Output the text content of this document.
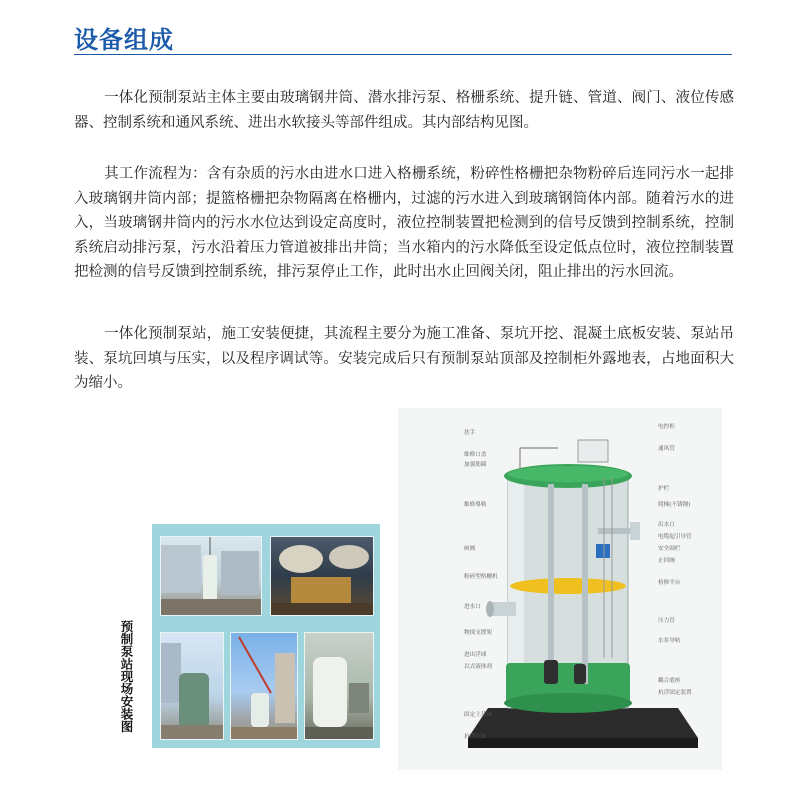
设备组成

一体化预制泵站主体主要由玻璃钢井筒、潜水排污泵、格栅系统、提升链、管道、阀门、液位传感器、控制系统和通风系统、进出水软接头等部件组成。其内部结构见图。

其工作流程为：含有杂质的污水由进水口进入格栅系统，粉碎性格栅把杂物粉碎后连同污水一起排入玻璃钢井筒内部；提篮格栅把杂物隔离在格栅内，过滤的污水进入到玻璃钢筒体内部。随着污水的进入，当玻璃钢井筒内的污水水位达到设定高度时，液位控制装置把检测到的信号反馈到控制系统，控制系统启动排污泵，污水沿着压力管道被排出井筒；当水箱内的污水降低至设定低点位时，液位控制装置把检测的信号反馈到控制系统，排污泵停止工作，此时出水止回阀关闭，阻止排出的污水回流。

一体化预制泵站，施工安装便捷，其流程主要分为施工准备、泵坑开挖、混凝土底板安装、泵站吊装、泵坑回填与压实，以及程序调试等。安装完成后只有预制泵站顶部及控制柜外露地表，占地面积大为缩小。

预制泵站现场安装图
扶手
维修口盖
加强筋圈
維修導軌
闸阀
粉碎型格栅机
进水口
物探支撑架
进出浮球
以式液体剂
固定土基础
抗浮沉体
电控柜
通风管
护栏
爬梯(不锈钢)
出水口
电缆起引导管
安全围栏
止回阀
检修平台
压力管
水泵导轨
耦合底座
抗浮固定装置
